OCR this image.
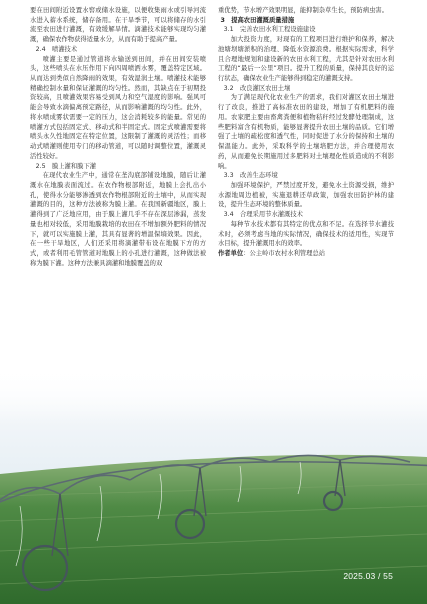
要在田间附近设置水窖或储水设施，以便收集雨水或引导河流水进入蓄水系统，储存备用。在干旱季节，可以将储存的水引流至农田进行灌溉，有效缓解旱情。滴灌技术能够实现均匀灌溉，确保农作物获得适量水分，从而有助于提高产量。

2.4　喷灌技术

喷灌主要是通过管道将水输送到田间，并在田间安装喷头，这些喷头在水压作用下向四周喷洒水雾，覆盖特定区域。从而达到类似自然降雨的效果，有效湿润土壤。喷灌技术能够精确控制水量和保证灌溉的均匀性。然而，其缺点在于初期投资较高，且喷灌效果容易受到风力和空气湿度的影响。强风可能会导致水滴偏离预定路径，从而影响灌溉的均匀性。此外，将水喷成雾状需要一定的压力，这会消耗较多的能量。常见的喷灌方式包括固定式、移动式和半固定式。固定式喷灌需要将喷头永久性地固定在特定位置，这限制了灌溉的灵活性；而移动式喷灌则使用专门的移动管道，可以随时调整位置，灌溉灵活性较好。

2.5　膜上灌和膜下灌

在现代农业生产中，通常在垄沟底部铺设地膜，随后让灌溉水在地膜表面流过。在农作物根部附近，地膜上会扎出小孔，使得水分能够渗透到农作物根部附近的土壤中，从而实现灌溉的目的，这种方法被称为膜上灌。在我国新疆地区，膜上灌得到了广泛地应用，由于膜上灌几乎不存在深层渗漏，蒸发量也相对较低，采用地膜栽培的农田在不增加额外肥料的情况下，就可以实施膜上灌，其具有显著的增温保墒效果。因此，在一些干旱地区，人们还采用将滴灌带布设在地膜下方的方式，或者利用毛管管道对地膜上的小孔进行灌溉，这种做法被称为膜下灌。这种方法兼具滴灌和地膜覆盖的双

重优势，节水增产效果明显，能抑制杂草生长，预防病虫害。

3　提高农田灌溉质量措施
3.1　完善农田水利工程设施建设

加大投资力度，对现有的工程项目进行维护和保养，解决池塘坝塘淤积的治理、降低水资源浪费。根据实际需求，科学且合理地规划和建设新的农田水利工程，尤其是针对农田水利工程的“最后一公里”项目。提升工程的质量，保持其良好的运行状态，确保农业生产能够得到稳定的灌溉支持。

3.2　改良灌区农田土壤

为了满足现代化农业生产的需求，我们对灌区农田土壤进行了改良，推进了高标准农田的建设，增加了有机肥料的施用。农家肥主要由畜禽粪便和植物秸秆经过发酵处理制成，这些肥料富含有机物质，能够显著提升农田土壤的品质。它们增强了土壤的疏松度和透气性，同时促进了水分的保持和土壤的保温能力。此外，采取科学的土壤培肥方法，并合理使用农药，从而避免长期施用过多肥料对土壤理化性质造成的不利影响。

3.3　改善生态环境

加强环境保护，严禁过度开发，避免水土资源受损，维护水源地周边植被，实施退耕还草政策，加强农田防护林的建设，提升生态环境的整体质量。

3.4　合理采用节水灌溉技术

每种节水技术都有其特定的优点和不足。在选择节水灌技术时，必须考虑当地的实际情况，确保技术的适用性，实现节水目标，提升灌溉用水的效率。

作者单位：公主岭市农村水利管理总站

2025.03 / 55
